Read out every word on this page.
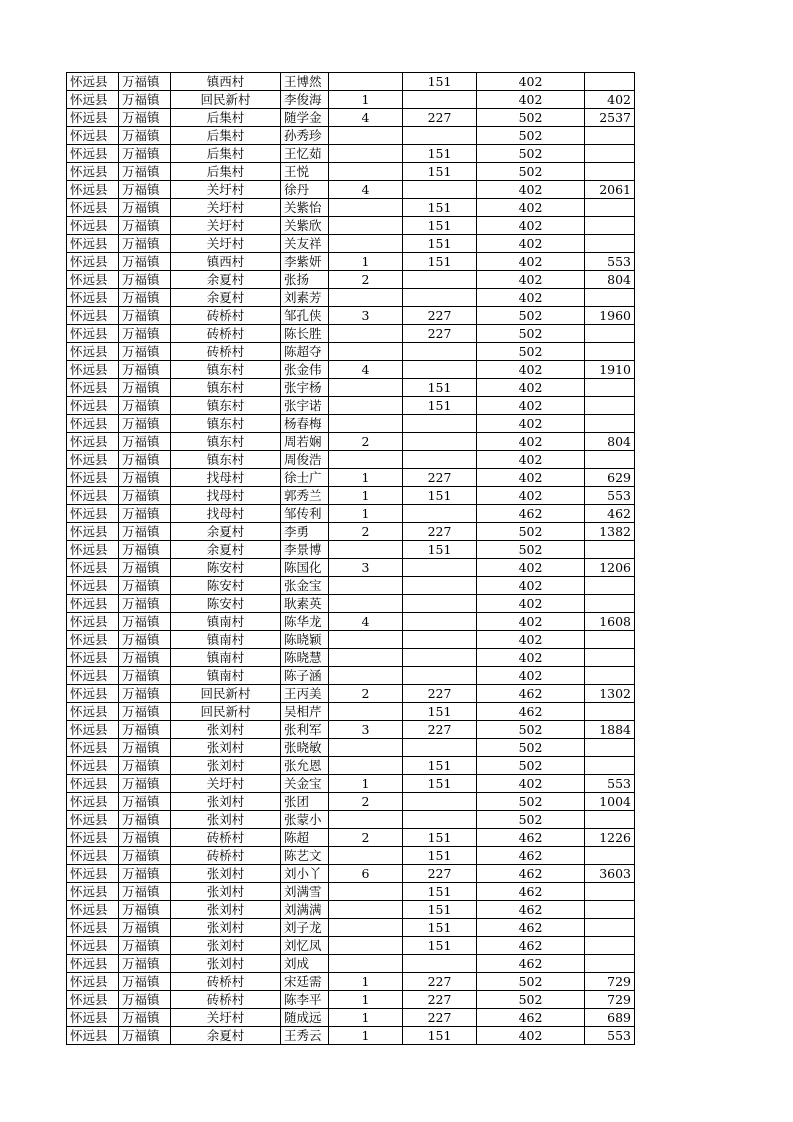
怀远县	万福镇	镇西村	王博然		151	402	
怀远县	万福镇	回民新村	李俊海	1		402	402
怀远县	万福镇	后集村	随学金	4	227	502	2537
怀远县	万福镇	后集村	孙秀珍			502	
怀远县	万福镇	后集村	王忆茹		151	502	
怀远县	万福镇	后集村	王悦		151	502	
怀远县	万福镇	关圩村	徐丹	4		402	2061
怀远县	万福镇	关圩村	关紫怡		151	402	
怀远县	万福镇	关圩村	关紫欣		151	402	
怀远县	万福镇	关圩村	关友祥		151	402	
怀远县	万福镇	镇西村	李紫妍	1	151	402	553
怀远县	万福镇	余夏村	张扬	2		402	804
怀远县	万福镇	余夏村	刘素芳			402	
怀远县	万福镇	砖桥村	邹孔侠	3	227	502	1960
怀远县	万福镇	砖桥村	陈长胜		227	502	
怀远县	万福镇	砖桥村	陈超夺			502	
怀远县	万福镇	镇东村	张金伟	4		402	1910
怀远县	万福镇	镇东村	张宇杨		151	402	
怀远县	万福镇	镇东村	张宇诺		151	402	
怀远县	万福镇	镇东村	杨春梅			402	
怀远县	万福镇	镇东村	周若娴	2		402	804
怀远县	万福镇	镇东村	周俊浩			402	
怀远县	万福镇	找母村	徐士广	1	227	402	629
怀远县	万福镇	找母村	郭秀兰	1	151	402	553
怀远县	万福镇	找母村	邹传利	1		462	462
怀远县	万福镇	余夏村	李勇	2	227	502	1382
怀远县	万福镇	余夏村	李景博		151	502	
怀远县	万福镇	陈安村	陈国化	3		402	1206
怀远县	万福镇	陈安村	张金宝			402	
怀远县	万福镇	陈安村	耿素英			402	
怀远县	万福镇	镇南村	陈华龙	4		402	1608
怀远县	万福镇	镇南村	陈晓颖			402	
怀远县	万福镇	镇南村	陈晓慧			402	
怀远县	万福镇	镇南村	陈子涵			402	
怀远县	万福镇	回民新村	王丙美	2	227	462	1302
怀远县	万福镇	回民新村	吴相芹		151	462	
怀远县	万福镇	张刘村	张利军	3	227	502	1884
怀远县	万福镇	张刘村	张晓敏			502	
怀远县	万福镇	张刘村	张允恩		151	502	
怀远县	万福镇	关圩村	关金宝	1	151	402	553
怀远县	万福镇	张刘村	张团	2		502	1004
怀远县	万福镇	张刘村	张蒙小			502	
怀远县	万福镇	砖桥村	陈超	2	151	462	1226
怀远县	万福镇	砖桥村	陈艺文		151	462	
怀远县	万福镇	张刘村	刘小丫	6	227	462	3603
怀远县	万福镇	张刘村	刘满雪		151	462	
怀远县	万福镇	张刘村	刘满满		151	462	
怀远县	万福镇	张刘村	刘子龙		151	462	
怀远县	万福镇	张刘村	刘忆凤		151	462	
怀远县	万福镇	张刘村	刘成			462	
怀远县	万福镇	砖桥村	宋廷需	1	227	502	729
怀远县	万福镇	砖桥村	陈李平	1	227	502	729
怀远县	万福镇	关圩村	随成远	1	227	462	689
怀远县	万福镇	余夏村	王秀云	1	151	402	553
